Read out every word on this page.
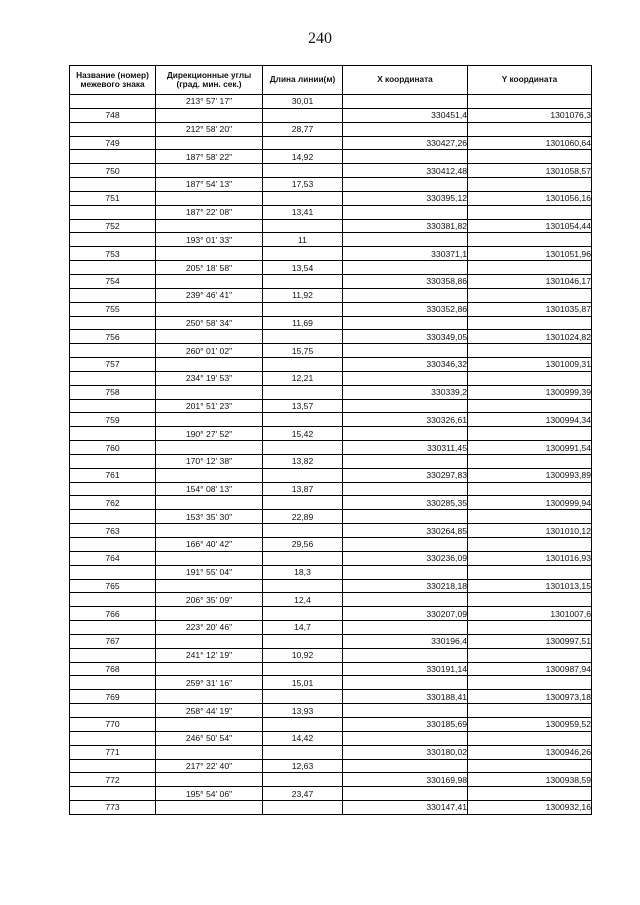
240
Название (номер) межевого знака	Дирекционные углы (град. мин. сек.)	Длина линии(м)	Х координата	Y координата
	213° 57' 17"	30,01		
748			330451,4	1301076,3
	212° 58' 20"	28,77		
749			330427,26	1301060,64
	187° 58' 22"	14,92		
750			330412,48	1301058,57
	187° 54' 13"	17,53		
751			330395,12	1301056,16
	187° 22' 08"	13,41		
752			330381,82	1301054,44
	193° 01' 33"	11		
753			330371,1	1301051,96
	205° 18' 58"	13,54		
754			330358,86	1301046,17
	239° 46' 41"	11,92		
755			330352,86	1301035,87
	250° 58' 34"	11,69		
756			330349,05	1301024,82
	260° 01' 02"	15,75		
757			330346,32	1301009,31
	234° 19' 53"	12,21		
758			330339,2	1300999,39
	201° 51' 23"	13,57		
759			330326,61	1300994,34
	190° 27' 52"	15,42		
760			330311,45	1300991,54
	170° 12' 38"	13,82		
761			330297,83	1300993,89
	154° 08' 13"	13,87		
762			330285,35	1300999,94
	153° 35' 30"	22,89		
763			330264,85	1301010,12
	166° 40' 42"	29,56		
764			330236,09	1301016,93
	191° 55' 04"	18,3		
765			330218,18	1301013,15
	206° 35' 09"	12,4		
766			330207,09	1301007,6
	223° 20' 46"	14,7		
767			330196,4	1300997,51
	241° 12' 19"	10,92		
768			330191,14	1300987,94
	259° 31' 16"	15,01		
769			330188,41	1300973,18
	258° 44' 19"	13,93		
770			330185,69	1300959,52
	246° 50' 54"	14,42		
771			330180,02	1300946,26
	217° 22' 40"	12,63		
772			330169,98	1300938,59
	195° 54' 06"	23,47		
773			330147,41	1300932,16
